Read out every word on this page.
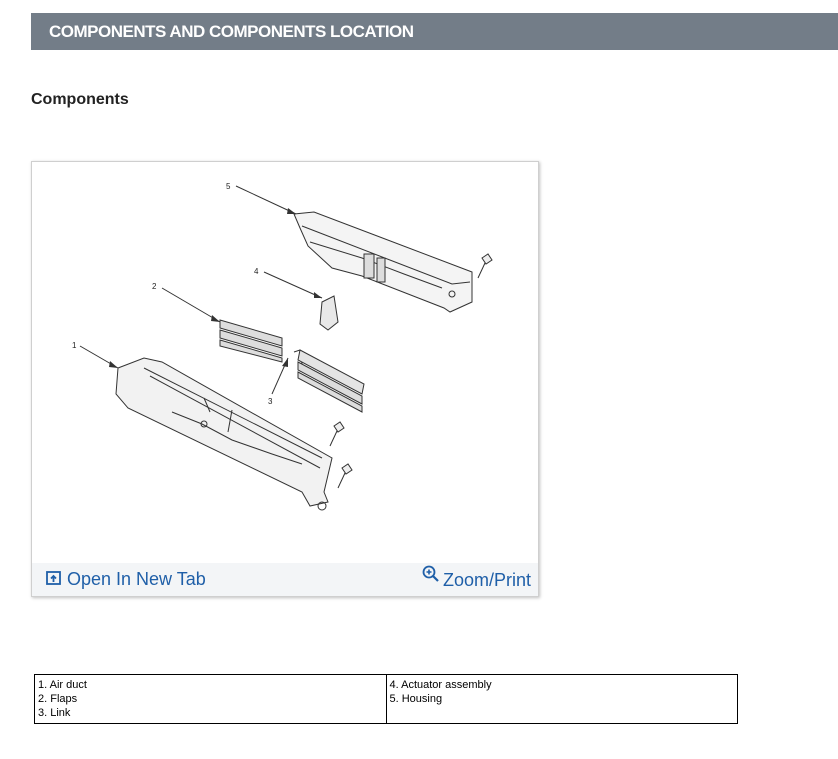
COMPONENTS AND COMPONENTS LOCATION
Components
5
4
2
1
3
Open In New Tab	Zoom/Print
1. Air duct
2. Flaps
3. Link

4. Actuator assembly
5. Housing
